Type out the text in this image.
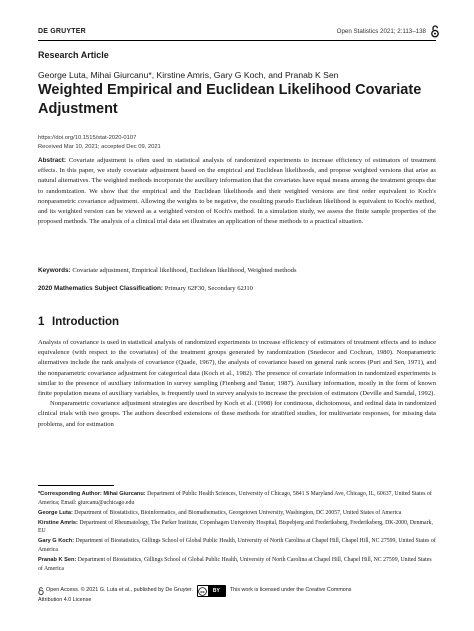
DE GRUYTER	Open Statistics 2021; 2:113–138
Research Article
George Luta, Mihai Giurcanu*, Kirstine Amris, Gary G Koch, and Pranab K Sen
Weighted Empirical and Euclidean Likelihood Covariate Adjustment
https://doi.org/10.1515/stat-2020-0107
Received Mar 10, 2021; accepted Dec 09, 2021
Abstract: Covariate adjustment is often used in statistical analysis of randomized experiments to increase efficiency of estimators of treatment effects. In this paper, we study covariate adjustment based on the empirical and Euclidean likelihoods, and propose weighted versions that arise as natural alternatives. The weighted methods incorporate the auxiliary information that the covariates have equal means among the treatment groups due to randomization. We show that the empirical and the Euclidean likelihoods and their weighted versions are first order equivalent to Koch's nonparametric covariance adjustment. Allowing the weights to be negative, the resulting pseudo Euclidean likelihood is equivalent to Koch's method, and its weighted version can be viewed as a weighted version of Koch's method. In a simulation study, we assess the finite sample properties of the proposed methods. The analysis of a clinical trial data set illustrates an application of these methods to a practical situation.
Keywords: Covariate adjustment, Empirical likelihood, Euclidean likelihood, Weighted methods
2020 Mathematics Subject Classification: Primary 62F30, Secondary 62J10
1 Introduction

Analysis of covariance is used in statistical analysis of randomized experiments to increase efficiency of estimators of treatment effects and to induce equivalence (with respect to the covariates) of the treatment groups generated by randomization (Snedecor and Cochran, 1980). Nonparametric alternatives include the rank analysis of covariance (Quade, 1967), the analysis of covariance based on general rank scores (Puri and Sen, 1971), and the nonparametric covariance adjustment for categorical data (Koch et al., 1982). The presence of covariate information in randomized experiments is similar to the presence of auxiliary information in survey sampling (Fienberg and Tanur, 1987). Auxiliary information, mostly in the form of known finite population means of auxiliary variables, is frequently used in survey analysis to increase the precision of estimators (Deville and Sarndal, 1992).

Nonparametric covariance adjustment strategies are described by Koch et al. (1998) for continuous, dichotomous, and ordinal data in randomized clinical trials with two groups. The authors described extensions of these methods for stratified studies, for multivariate responses, for missing data problems, and for estimation

*Corresponding Author: Mihai Giurcanu: Department of Public Health Sciences, University of Chicago, 5841 S Maryland Ave, Chicago, IL, 60637, United States of America; Email: giurcanu@uchicago.edu
George Luta: Department of Biostatistics, Bioinformatics, and Biomathematics, Georgetown University, Washington, DC 20057, United States of America
Kirstine Amris: Department of Rheumatology, The Parker Institute, Copenhagen University Hospital, Bispebjerg and Frederiksberg, Frederiksberg, DK-2000, Denmark, EU
Gary G Koch: Department of Biostatistics, Gillings School of Global Public Health, University of North Carolina at Chapel Hill, Chapel Hill, NC 27599, United States of America
Pranab K Sen: Department of Biostatistics, Gillings School of Global Public Health, University of North Carolina at Chapel Hill, Chapel Hill, NC 27599, United States of America
Open Access. © 2021 G. Luta et al., published by De Gruyter. cc	BY	This work is licensed under the Creative Commons
Attribution 4.0 License
